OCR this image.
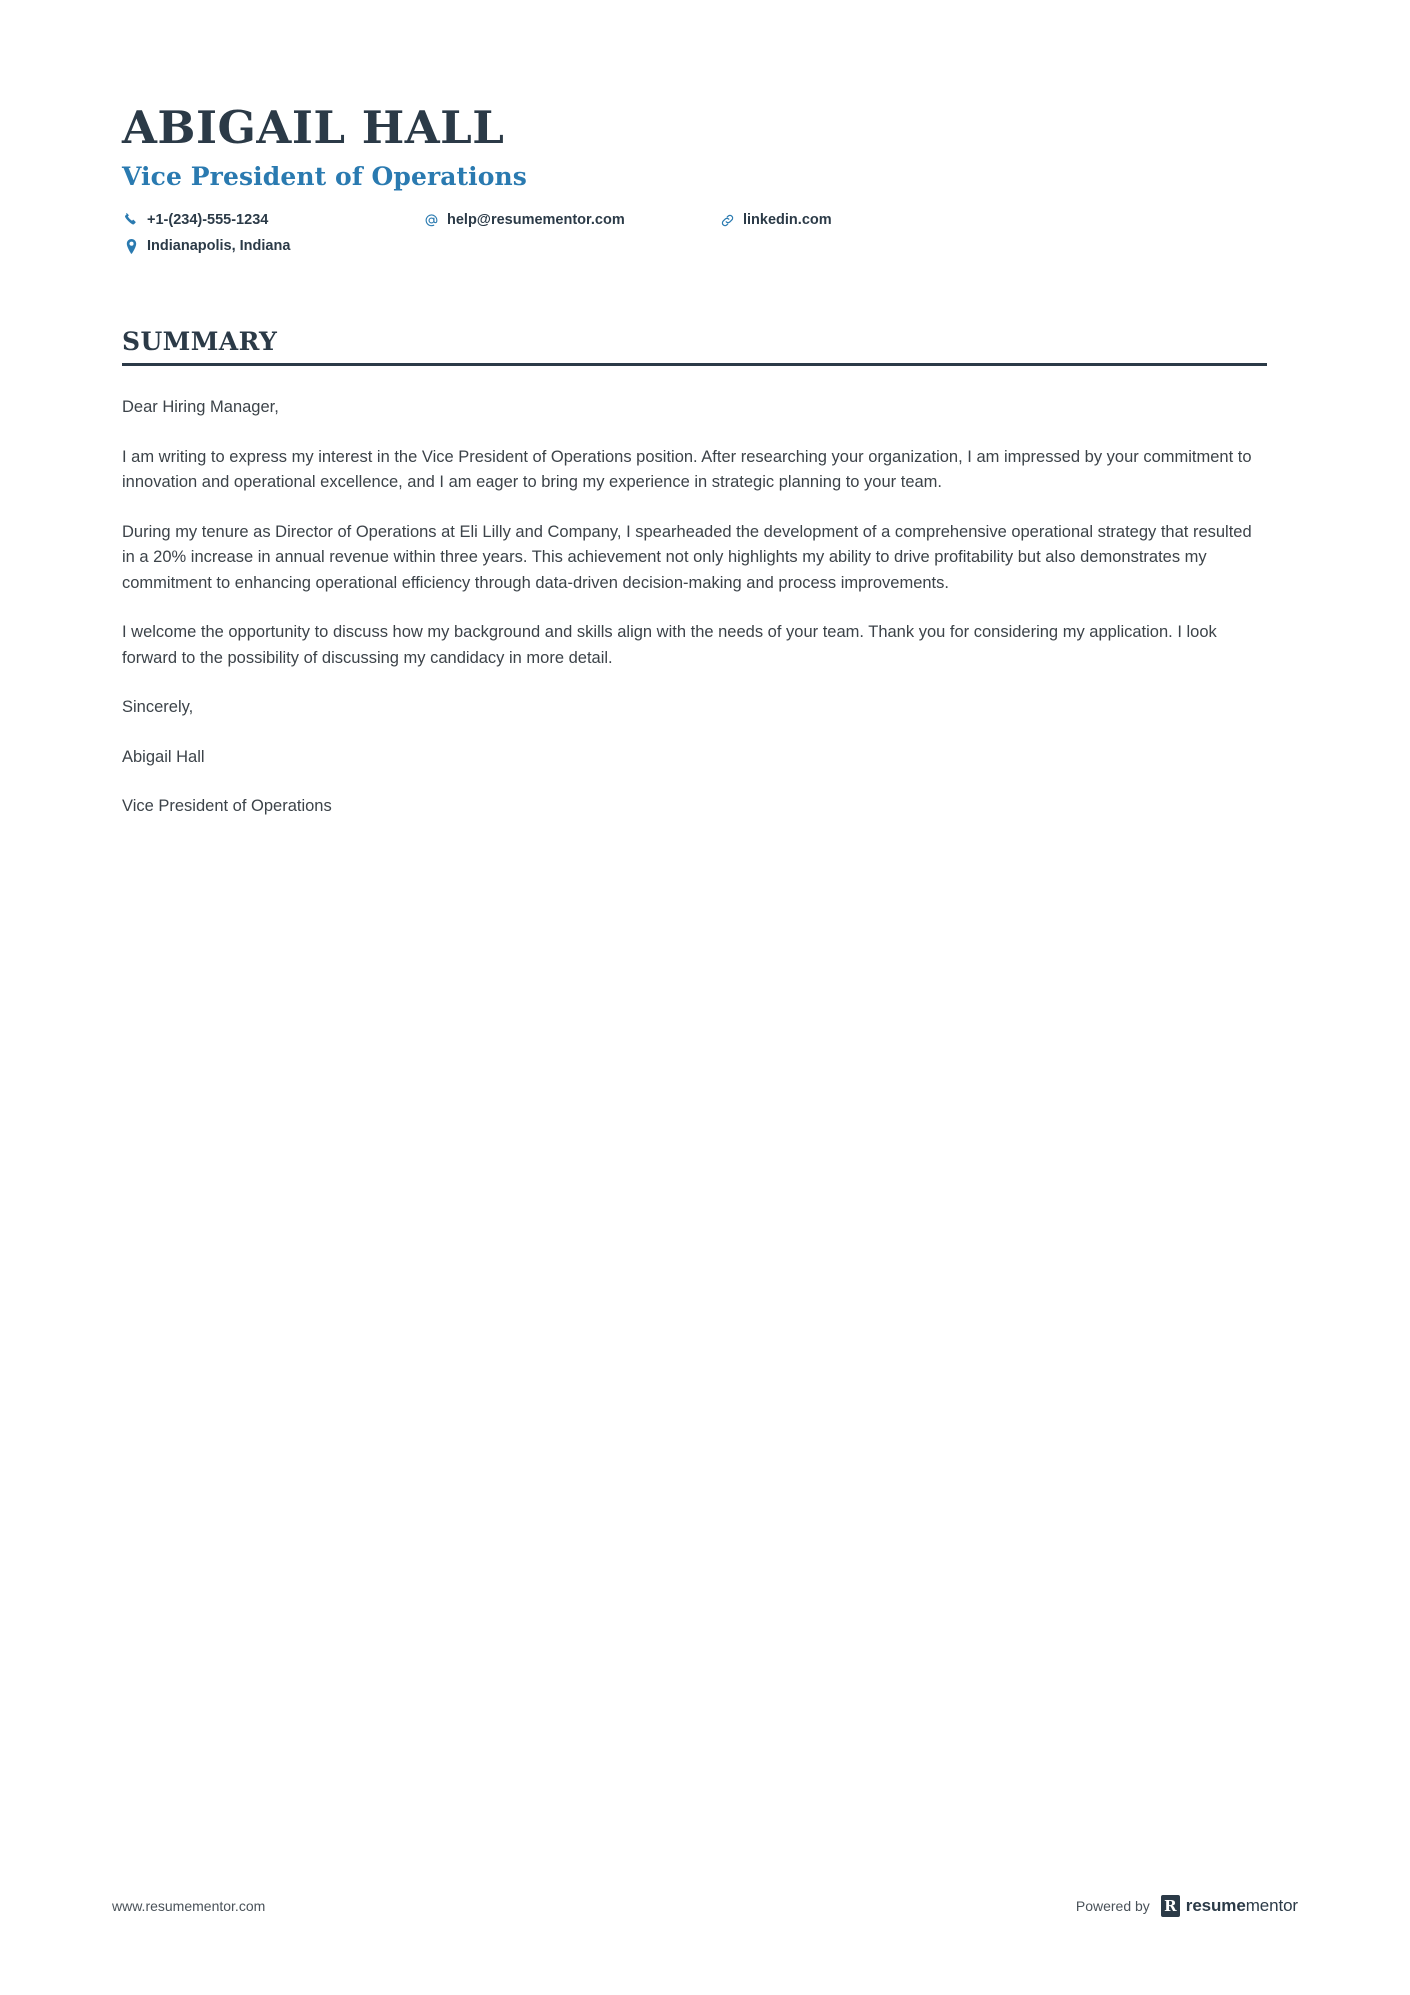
ABIGAIL HALL
Vice President of Operations
+1-(234)-555-1234	help@resumementor.com	linkedin.com
Indianapolis, Indiana
SUMMARY
Dear Hiring Manager,
I am writing to express my interest in the Vice President of Operations position. After researching your organization, I am impressed by your commitment to innovation and operational excellence, and I am eager to bring my experience in strategic planning to your team.
During my tenure as Director of Operations at Eli Lilly and Company, I spearheaded the development of a comprehensive operational strategy that resulted in a 20% increase in annual revenue within three years. This achievement not only highlights my ability to drive profitability but also demonstrates my commitment to enhancing operational efficiency through data-driven decision-making and process improvements.
I welcome the opportunity to discuss how my background and skills align with the needs of your team. Thank you for considering my application. I look forward to the possibility of discussing my candidacy in more detail.
Sincerely,
Abigail Hall
Vice President of Operations
www.resumementor.com	Powered by R resumementor
